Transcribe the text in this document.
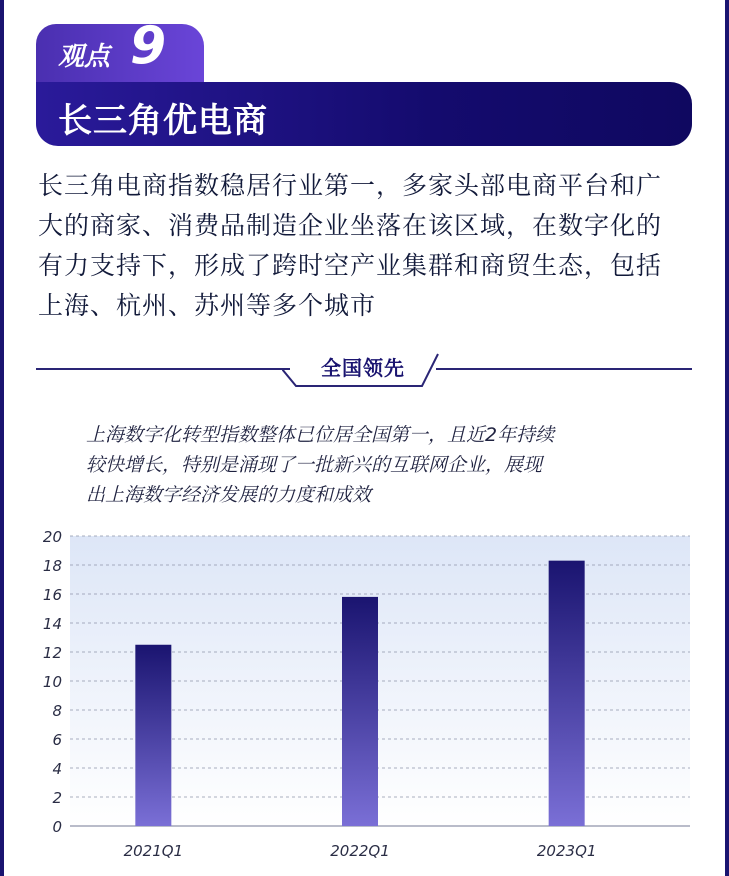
观点 9
长三角优电商
长三角电商指数稳居行业第一，多家头部电商平台和广
大的商家、消费品制造企业坐落在该区域，在数字化的
有力支持下，形成了跨时空产业集群和商贸生态，包括
上海、杭州、苏州等多个城市
全国领先
上海数字化转型指数整体已位居全国第一，且近2年持续
较快增长，特别是涌现了一批新兴的互联网企业，展现
出上海数字经济发展的力度和成效
0
2
4
6
8
10
12
14
16
18
20
2021Q1	2022Q1	2023Q1
